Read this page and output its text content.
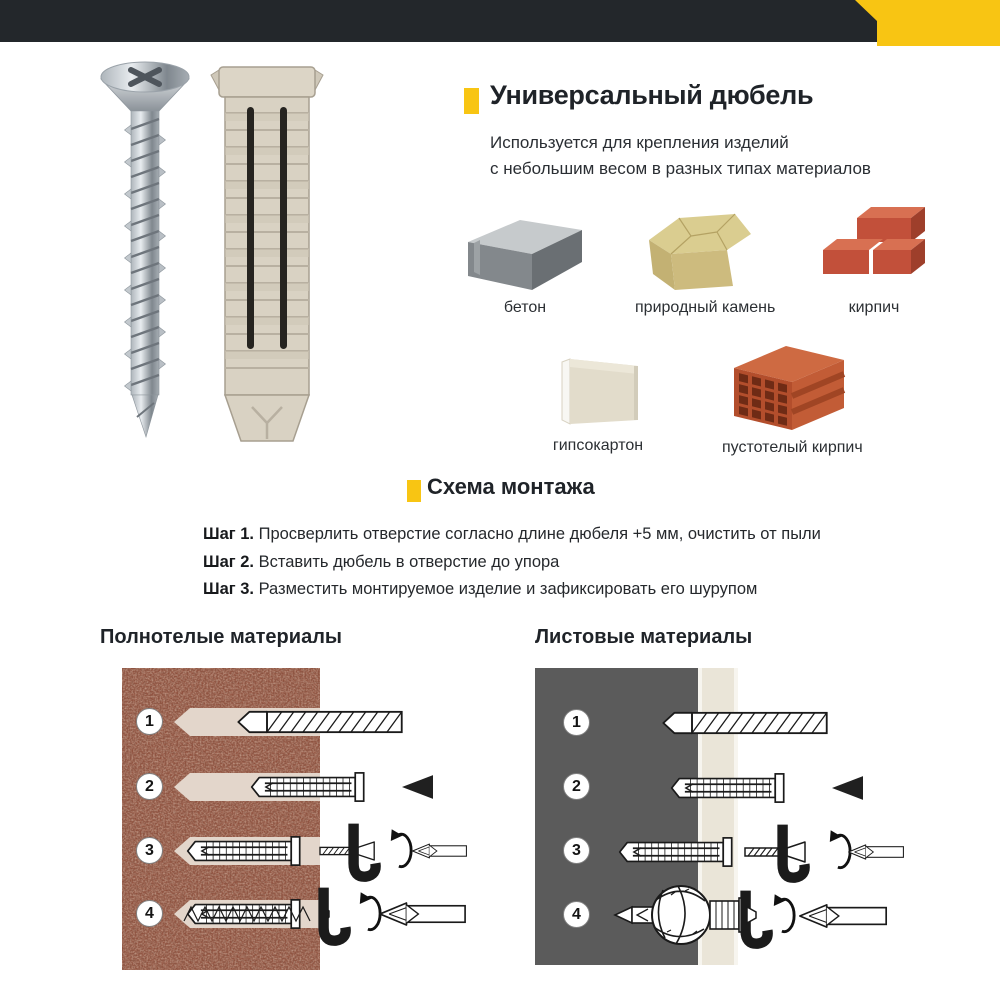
Универсальный дюбель

Используется для крепления изделий
с небольшим весом в разных типах материалов

бетон	природный камень	кирпич
гипсокартон	пустотелый кирпич
Схема монтажа
Шаг 1. Просверлить отверстие согласно длине дюбеля +5 мм, очистить от пыли
Шаг 2. Вставить дюбель в отверстие до упора
Шаг 3. Разместить монтируемое изделие и зафиксировать его шурупом
Полнотелые материалы	Листовые материалы
1
2
3
4
1
2
3
4
